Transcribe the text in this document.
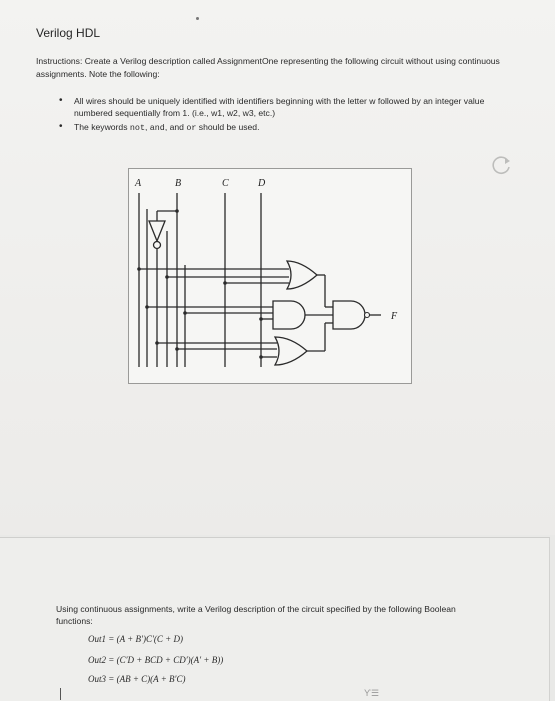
Verilog HDL
Instructions: Create a Verilog description called AssignmentOne representing the following circuit without using continuous assignments. Note the following:
• All wires should be uniquely identified with identifiers beginning with the letter w followed by an integer value numbered sequentially from 1. (i.e., w1, w2, w3, etc.)
• The keywords not, and, and or should be used.
A	B	C	D
F
Using continuous assignments, write a Verilog description of the circuit specified by the following Boolean functions:
Out1 = (A + B′)C′(C + D)
Out2 = (C′D + BCD + CD′)(A′ + B))
Out3 = (AB + C)(A + B′C)
ϒ☰
